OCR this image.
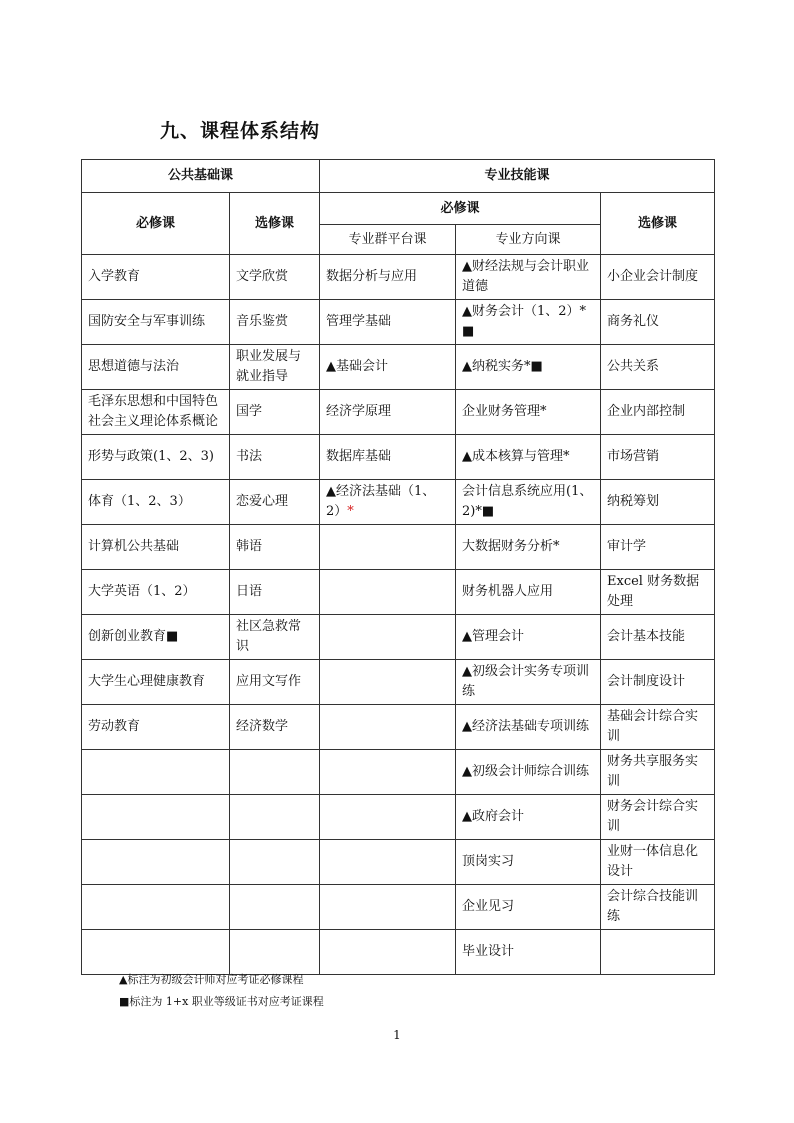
九、课程体系结构
公共基础课		专业技能课		
必修课	选修课	必修课		选修课
		专业群平台课	专业方向课	
入学教育	文学欣赏	数据分析与应用	▲财经法规与会计职业道德	小企业会计制度
国防安全与军事训练	音乐鉴赏	管理学基础	▲财务会计（1、2）*■	商务礼仪
思想道德与法治	职业发展与就业指导	▲基础会计	▲纳税实务*■	公共关系
毛泽东思想和中国特色社会主义理论体系概论	国学	经济学原理	企业财务管理*	企业内部控制
形势与政策(1、2、3)	书法	数据库基础	▲成本核算与管理*	市场营销
体育（1、2、3）	恋爱心理	▲经济法基础（1、2）*	会计信息系统应用(1、2)*■	纳税筹划
计算机公共基础	韩语		大数据财务分析*	审计学
大学英语（1、2）	日语		财务机器人应用	Excel 财务数据处理
创新创业教育■	社区急救常识		▲管理会计	会计基本技能
大学生心理健康教育	应用文写作		▲初级会计实务专项训练	会计制度设计
劳动教育	经济数学		▲经济法基础专项训练	基础会计综合实训
			▲初级会计师综合训练	财务共享服务实训
			▲政府会计	财务会计综合实训
			顶岗实习	业财一体信息化设计
			企业见习	会计综合技能训练
			毕业设计	
▲标注为初级会计师对应考证必修课程
■标注为 1+x 职业等级证书对应考证课程
1
